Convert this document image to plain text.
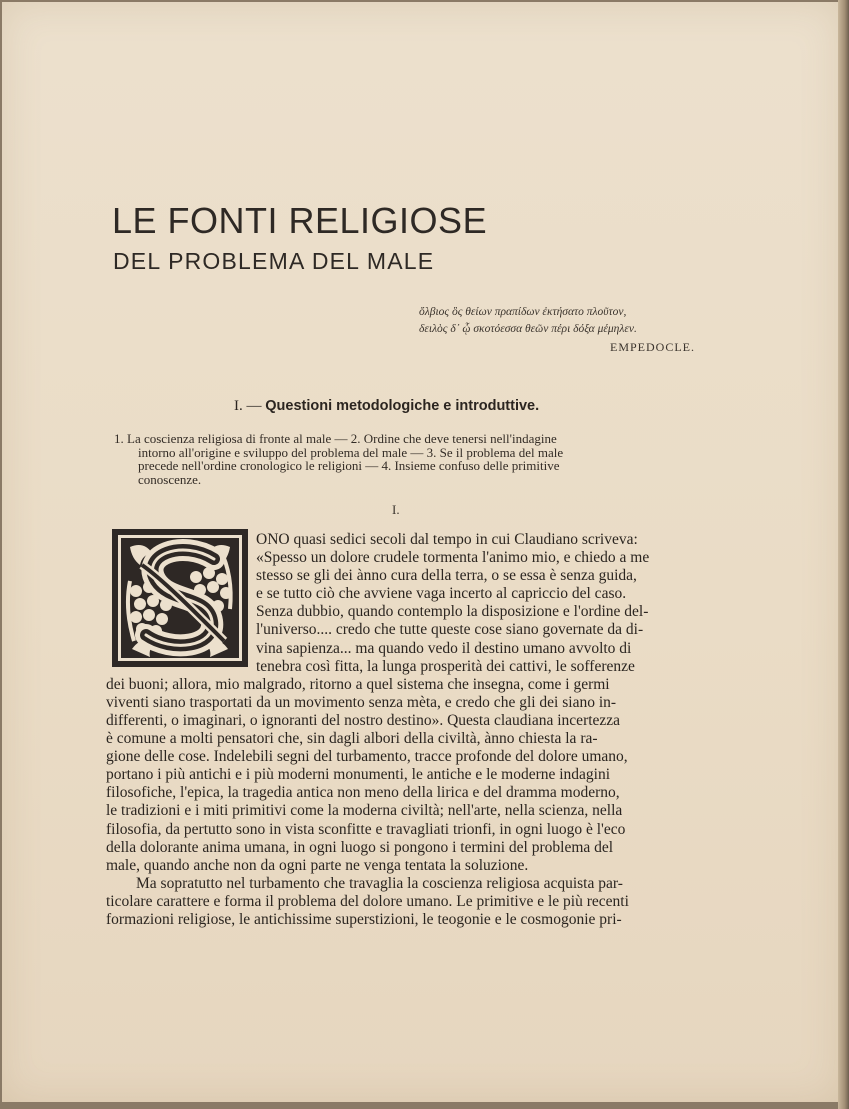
LE FONTI RELIGIOSE
DEL PROBLEMA DEL MALE
ὄλβιος ὃς θείων πραπίδων ἐκτήσατο πλοῦτον,
δειλὸς δ᾽ ᾧ σκοτόεσσα θεῶν πέρι δόξα μέμηλεν.
EMPEDOCLE.
I. — Questioni metodologiche e introduttive.

1. La coscienza religiosa di fronte al male — 2. Ordine che deve tenersi nell'indagine

intorno all'origine e sviluppo del problema del male — 3. Se il problema del male

precede nell'ordine cronologico le religioni — 4. Insieme confuso delle primitive

conoscenze.

I.

ONO quasi sedici secoli dal tempo in cui Claudiano scriveva:

«Spesso un dolore crudele tormenta l'animo mio, e chiedo a me

stesso se gli dei ànno cura della terra, o se essa è senza guida,

e se tutto ciò che avviene vaga incerto al capriccio del caso.

Senza dubbio, quando contemplo la disposizione e l'ordine del-

l'universo.... credo che tutte queste cose siano governate da di-

vina sapienza... ma quando vedo il destino umano avvolto di

tenebra così fitta, la lunga prosperità dei cattivi, le sofferenze

dei buoni; allora, mio malgrado, ritorno a quel sistema che insegna, come i germi

viventi siano trasportati da un movimento senza mèta, e credo che gli dei siano in-

differenti, o imaginari, o ignoranti del nostro destino». Questa claudiana incertezza

è comune a molti pensatori che, sin dagli albori della civiltà, ànno chiesta la ra-

gione delle cose. Indelebili segni del turbamento, tracce profonde del dolore umano,

portano i più antichi e i più moderni monumenti, le antiche e le moderne indagini

filosofiche, l'epica, la tragedia antica non meno della lirica e del dramma moderno,

le tradizioni e i miti primitivi come la moderna civiltà; nell'arte, nella scienza, nella

filosofia, da pertutto sono in vista sconfitte e travagliati trionfi, in ogni luogo è l'eco

della dolorante anima umana, in ogni luogo si pongono i termini del problema del

male, quando anche non da ogni parte ne venga tentata la soluzione.

Ma sopratutto nel turbamento che travaglia la coscienza religiosa acquista par-

ticolare carattere e forma il problema del dolore umano. Le primitive e le più recenti

formazioni religiose, le antichissime superstizioni, le teogonie e le cosmogonie pri-
